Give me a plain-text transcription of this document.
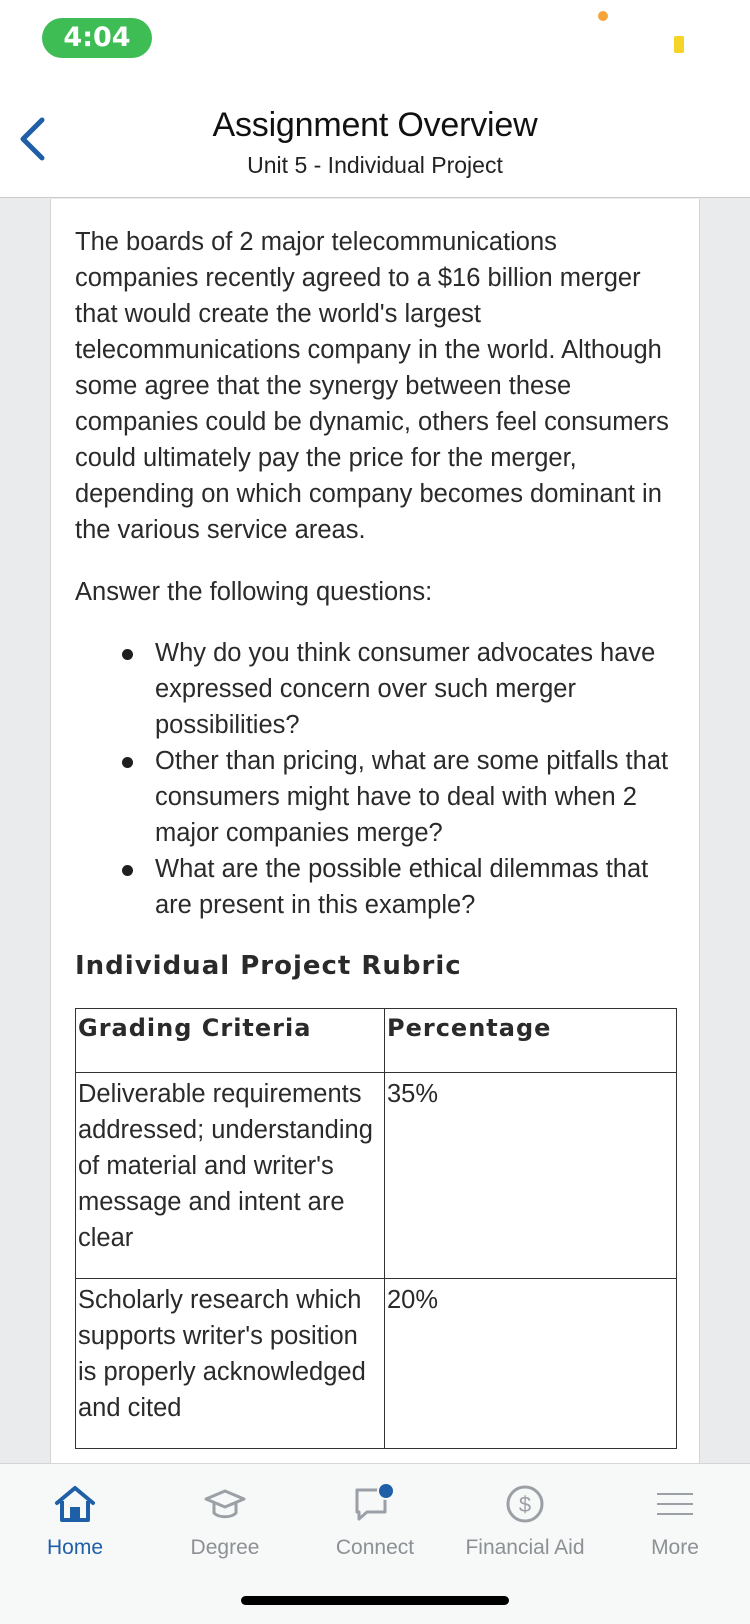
4:04
Assignment Overview
Unit 5 - Individual Project

The boards of 2 major telecommunications companies recently agreed to a $16 billion merger that would create the world's largest telecommunications company in the world. Although some agree that the synergy between these companies could be dynamic, others feel consumers could ultimately pay the price for the merger, depending on which company becomes dominant in the various service areas.

Answer the following questions:

Why do you think consumer advocates have expressed concern over such merger possibilities?
Other than pricing, what are some pitfalls that consumers might have to deal with when 2 major companies merge?
What are the possible ethical dilemmas that are present in this example?
Individual Project Rubric
Grading Criteria	Percentage
Deliverable requirements addressed; understanding of material and writer's message and intent are clear	35%
Scholarly research which supports writer's position is properly acknowledged and cited	20%
Home	Degree	Connect
$
Financial Aid	More
